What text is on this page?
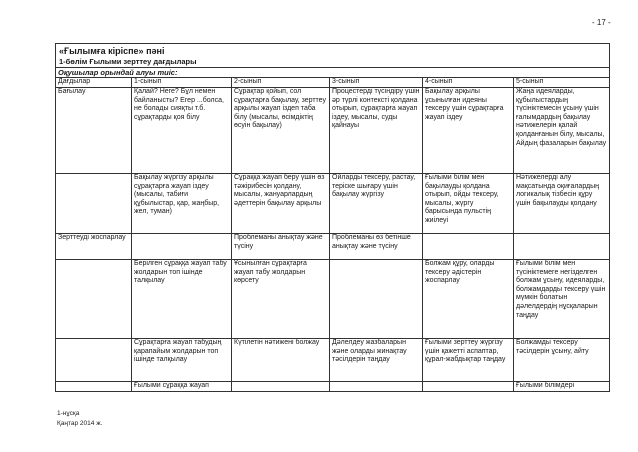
- 17 -
«Ғылымға кіріспе» пәні
1-бөлім Ғылыми зерттеу дағдылары					

Оқушылар орындай алуы тиіс:					
Дағдылар	1-сынып	2-сынып	3-сынып	4-сынып	5-сынып
Бағылау	Қалай? Неге? Бұл немен байланысты? Егер ...болса, не болады сияқты т.б. сұрақтарды қоя білу	Сұрақтар қойып, сол сұрақтарға бақылау, зерттеу арқылы жауап іздеп таба білу (мысалы, өсімдіктің өсуін бақылау)	Процестерді түсіндіру үшін әр түрлі контексті қолдана отырып, сұрақтарға жауап іздеу, мысалы, суды қайнауы	Бақылау арқылы ұсынылған идеяны тексеру үшін сұрақтарға жауап іздеу	Жаңа идеяларды, құбылыстардың түсініктемесін ұсыну үшін ғалымдардың бақылау нәтижелерін қалай қолданғанын білу, мысалы, Айдың фазаларын бақылау
	Бақылау жүргізу арқылы сұрақтарға жауап іздеу (мысалы, табиғи құбылыстар, қар, жаңбыр, жел, туман)	Сұраққа жауап беру үшін өз тәжірибесін қолдану, мысалы, жануарлардың әдеттерін бақылау арқылы	Ойларды тексеру, растау, теріске шығару үшін бақылау жүргізу	Ғылыми білім мен бақылауды қолдана отырып, ойды тексеру, мысалы, жүргу барысында пульстің жиілеуі	Нәтижелерді алу мақсатында оқиғалардың логикалық тізбесін құру үшін бақылауды қолдану
Зерттеуді жоспарлау		Проблеманы анықтау және түсіну	Проблеманы өз бетінше анықтау және түсіну		
	Берілген сұраққа жауап табу жолдарын топ ішінде талқылау	Ұсынылған сұрақтарға жауап табу жолдарын көрсету		Болжам құру, оларды тексеру әдістерін жоспарлау	Ғылыми білім мен түсініктемеге негізделген болжам ұсыну, идеяларды, болжамдарды тексеру үшін мүмкін болатын дәлелдердің нұсқаларын таңдау
	Сұрақтарға жауап табудың қарапайым жолдарын топ ішінде талқылау	Күтілетін нәтижені болжау	Дәлелдеу жазбаларын және оларды жинақтау тәсілдерін таңдау	Ғылыми зерттеу жүргізу үшін қажетті аспаптар, құрал-жабдықтар таңдау	Болжамды тексеру тәсілдерін ұсыну, айту
	Ғылыми сұраққа жауап				Ғылыми білімдері
1-нұсқа
Қаңтар 2014 ж.
